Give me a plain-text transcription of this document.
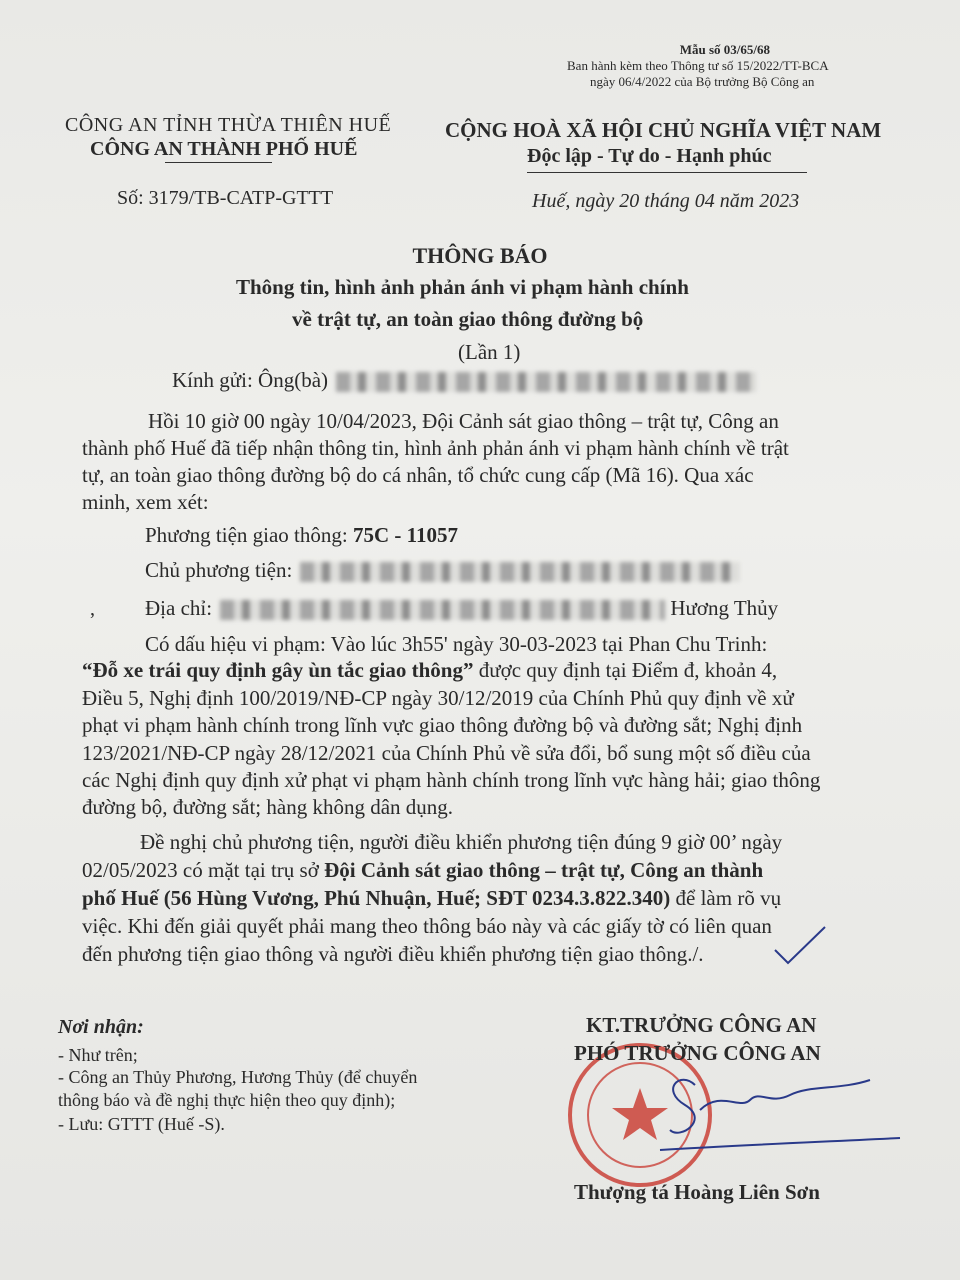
Mẫu số 03/65/68
Ban hành kèm theo Thông tư số 15/2022/TT-BCA
ngày 06/4/2022 của Bộ trưởng Bộ Công an
CÔNG AN TỈNH THỪA THIÊN HUẾ
CÔNG AN THÀNH PHỐ HUẾ
Số: 3179/TB-CATP-GTTT
CỘNG HOÀ XÃ HỘI CHỦ NGHĨA VIỆT NAM
Độc lập - Tự do - Hạnh phúc
Huế, ngày 20 tháng 04 năm 2023
THÔNG BÁO
Thông tin, hình ảnh phản ánh vi phạm hành chính
về trật tự, an toàn giao thông đường bộ
(Lần 1)
Kính gửi: Ông(bà)
Hồi 10 giờ 00 ngày 10/04/2023, Đội Cảnh sát giao thông – trật tự, Công an
thành phố Huế đã tiếp nhận thông tin, hình ảnh phản ánh vi phạm hành chính về trật
tự, an toàn giao thông đường bộ do cá nhân, tổ chức cung cấp (Mã 16). Qua xác
minh, xem xét:
Phương tiện giao thông: 75C - 11057
Chủ phương tiện:
, Địa chỉ:	Hương Thủy
Có dấu hiệu vi phạm: Vào lúc 3h55' ngày 30-03-2023 tại Phan Chu Trinh:
“Đỗ xe trái quy định gây ùn tắc giao thông” được quy định tại Điểm đ, khoản 4,
Điều 5, Nghị định 100/2019/NĐ-CP ngày 30/12/2019 của Chính Phủ quy định về xử
phạt vi phạm hành chính trong lĩnh vực giao thông đường bộ và đường sắt; Nghị định
123/2021/NĐ-CP ngày 28/12/2021 của Chính Phủ về sửa đổi, bổ sung một số điều của
các Nghị định quy định xử phạt vi phạm hành chính trong lĩnh vực hàng hải; giao thông
đường bộ, đường sắt; hàng không dân dụng.
Đề nghị chủ phương tiện, người điều khiển phương tiện đúng 9 giờ 00’ ngày
02/05/2023 có mặt tại trụ sở Đội Cảnh sát giao thông – trật tự, Công an thành
phố Huế (56 Hùng Vương, Phú Nhuận, Huế; SĐT 0234.3.822.340) để làm rõ vụ
việc. Khi đến giải quyết phải mang theo thông báo này và các giấy tờ có liên quan
đến phương tiện giao thông và người điều khiển phương tiện giao thông./.
Nơi nhận:
- Như trên;
- Công an Thủy Phương, Hương Thủy (để chuyển
thông báo và đề nghị thực hiện theo quy định);
- Lưu: GTTT (Huế -S).
KT.TRƯỞNG CÔNG AN
PHÓ TRƯỞNG CÔNG AN
Thượng tá Hoàng Liên Sơn
